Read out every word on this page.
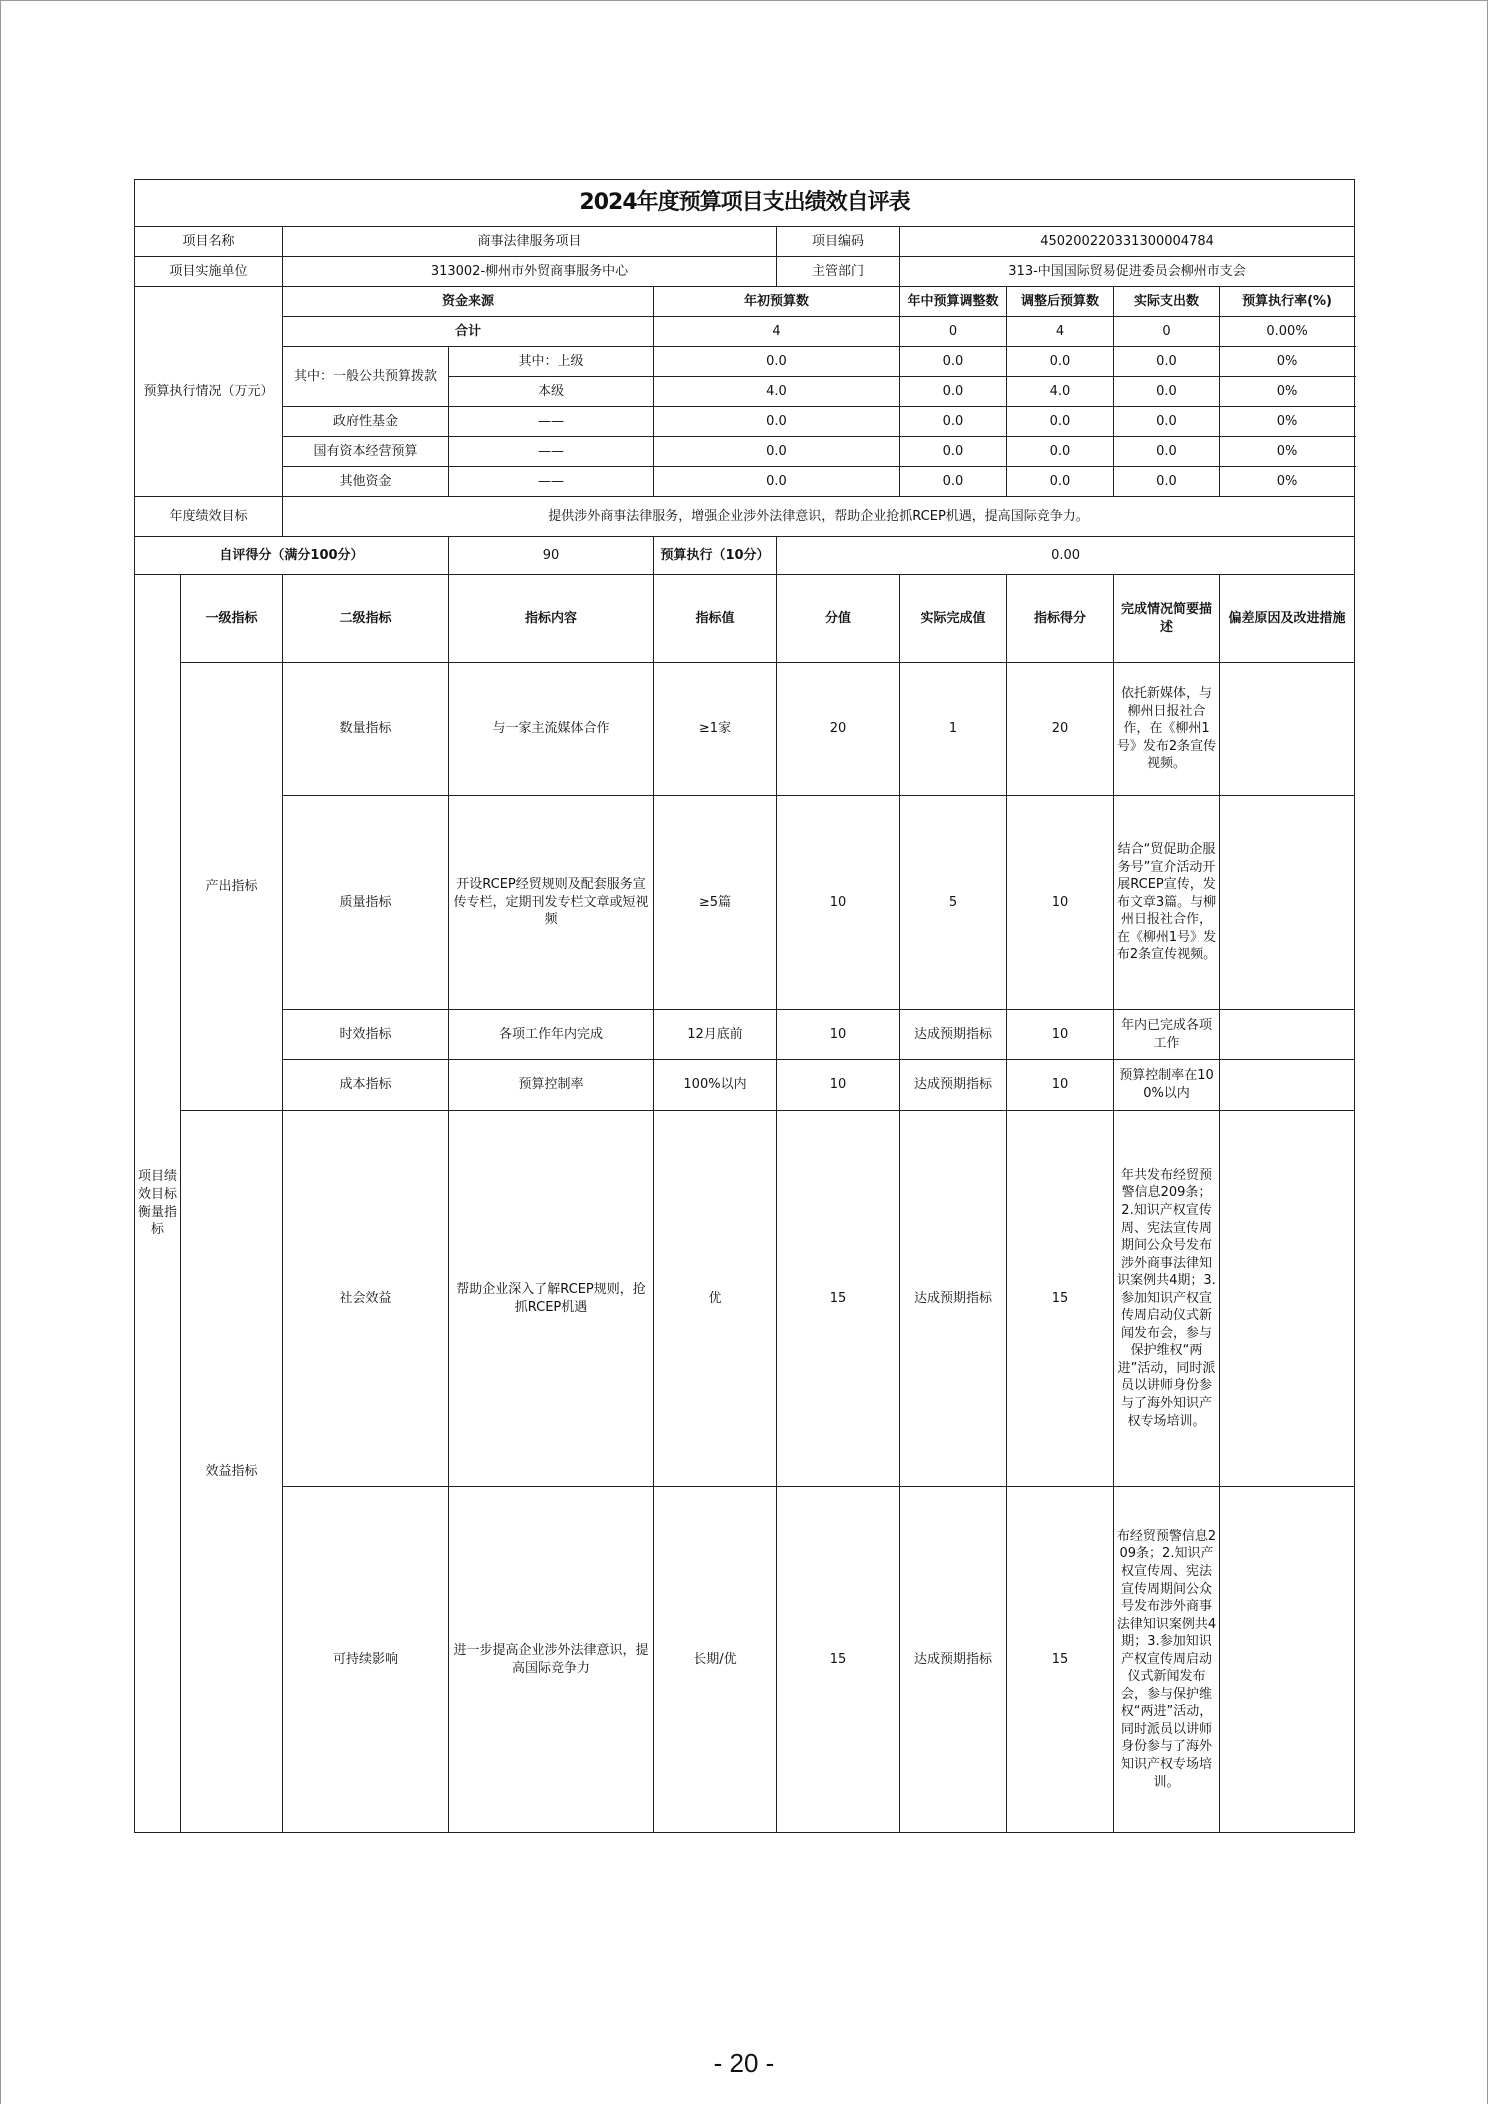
2024年度预算项目支出绩效自评表									
项目名称		商事法律服务项目			项目编码	450200220331300004784			
项目实施单位		313002-柳州市外贸商事服务中心			主管部门	313-中国国际贸易促进委员会柳州市支会			
预算执行情况（万元）		资金来源		年初预算数		年中预算调整数	调整后预算数	实际支出数	预算执行率(%)
		合计		4		0	4	0	0.00%
		其中：一般公共预算拨款	其中：上级	0.0		0.0	0.0	0.0	0%
			本级	4.0		0.0	4.0	0.0	0%
		政府性基金	——	0.0		0.0	0.0	0.0	0%
		国有资本经营预算	——	0.0		0.0	0.0	0.0	0%
		其他资金	——	0.0		0.0	0.0	0.0	0%
年度绩效目标		提供涉外商事法律服务，增强企业涉外法律意识，帮助企业抢抓RCEP机遇，提高国际竞争力。							
自评得分（满分100分）			90	预算执行（10分）	0.00				
项目绩效目标衡量指标	一级指标	二级指标	指标内容	指标值	分值	实际完成值	指标得分	完成情况简要描述	偏差原因及改进措施
	产出指标	数量指标	与一家主流媒体合作	≥1家	20	1	20	依托新媒体，与柳州日报社合作，在《柳州1号》发布2条宣传视频。	
		质量指标	开设RCEP经贸规则及配套服务宣传专栏，定期刊发专栏文章或短视频	≥5篇	10	5	10	结合“贸促助企服务号”宣介活动开展RCEP宣传，发布文章3篇。与柳州日报社合作，在《柳州1号》发布2条宣传视频。	
		时效指标	各项工作年内完成	12月底前	10	达成预期指标	10	年内已完成各项工作	
		成本指标	预算控制率	100%以内	10	达成预期指标	10	预算控制率在100%以内	
	效益指标	社会效益	帮助企业深入了解RCEP规则，抢抓RCEP机遇	优	15	达成预期指标	15	年共发布经贸预警信息209条；2.知识产权宣传周、宪法宣传周期间公众号发布涉外商事法律知识案例共4期；3.参加知识产权宣传周启动仪式新闻发布会，参与保护维权“两进”活动，同时派员以讲师身份参与了海外知识产权专场培训。	
		可持续影响	进一步提高企业涉外法律意识，提高国际竞争力	长期/优	15	达成预期指标	15	布经贸预警信息209条；2.知识产权宣传周、宪法宣传周期间公众号发布涉外商事法律知识案例共4期；3.参加知识产权宣传周启动仪式新闻发布会，参与保护维权“两进”活动，同时派员以讲师身份参与了海外知识产权专场培训。	
- 20 -
